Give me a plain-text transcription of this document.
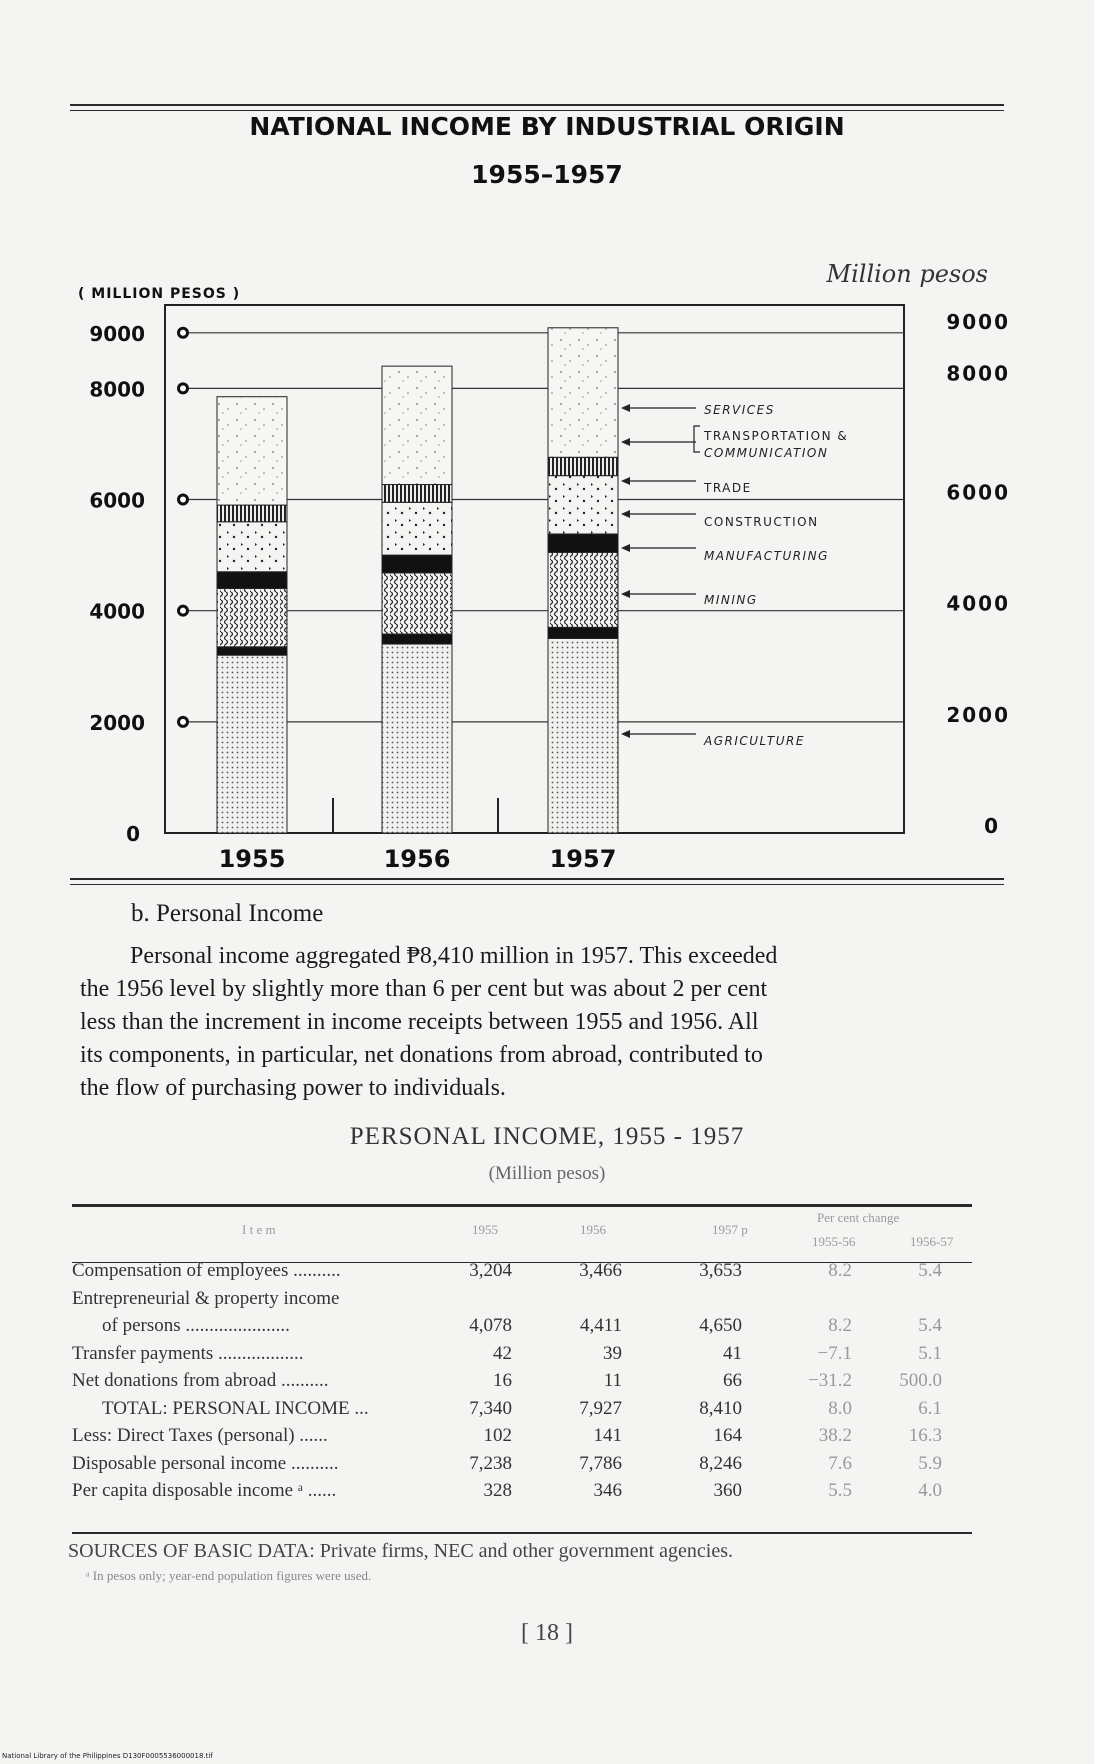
NATIONAL INCOME BY INDUSTRIAL ORIGIN
1955–1957
9000
8000
6000
4000
2000
0
9000
8000
6000
4000
2000
0
( MILLION PESOS )
Million pesos
1955	1956	1957
SERVICES
TRANSPORTATION &
COMMUNICATION
TRADE
CONSTRUCTION
MANUFACTURING
MINING
AGRICULTURE
b. Personal Income
Personal income aggregated ₱8,410 million in 1957. This exceeded
the 1956 level by slightly more than 6 per cent but was about 2 per cent
less than the increment in income receipts between 1955 and 1956. All
its components, in particular, net donations from abroad, contributed to
the flow of purchasing power to individuals.
PERSONAL INCOME, 1955 - 1957
(Million pesos)
I t e m	1955	1956	1957 p
Per cent change
1955-56	1956-57
Compensation of employees ..........	3,204	3,466	3,653	8.2	5.4
Entrepreneurial & property income
of persons ......................	4,078	4,411	4,650	8.2	5.4
Transfer payments ..................	42	39	41	−7.1	5.1
Net donations from abroad ..........	16	11	66	−31.2	500.0
TOTAL: PERSONAL INCOME ...	7,340	7,927	8,410	8.0	6.1
Less: Direct Taxes (personal) ......	102	141	164	38.2	16.3
Disposable personal income ..........	7,238	7,786	8,246	7.6	5.9
Per capita disposable income ᵃ ......	328	346	360	5.5	4.0
SOURCES OF BASIC DATA: Private firms, NEC and other government agencies.
ᵃ In pesos only; year-end population figures were used.
[ 18 ]
National Library of the Philippines D130F0005536000018.tif
